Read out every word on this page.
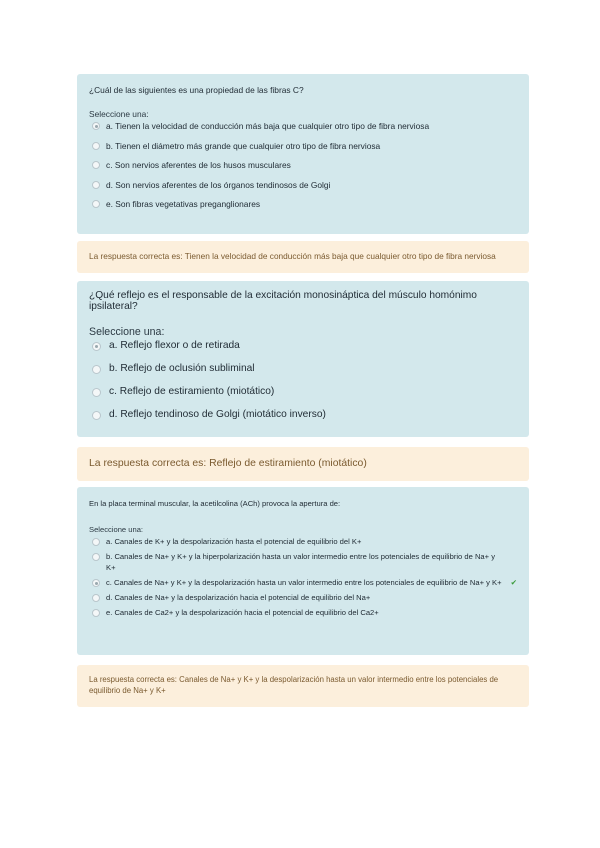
¿Cuál de las siguientes es una propiedad de las fibras C?

Seleccione una:

a. Tienen la velocidad de conducción más baja que cualquier otro tipo de fibra nerviosa
b. Tienen el diámetro más grande que cualquier otro tipo de fibra nerviosa
c. Son nervios aferentes de los husos musculares
d. Son nervios aferentes de los órganos tendinosos de Golgi
e. Son fibras vegetativas preganglionares
La respuesta correcta es: Tienen la velocidad de conducción más baja que cualquier otro tipo de fibra nerviosa

¿Qué reflejo es el responsable de la excitación monosináptica del músculo homónimo ipsilateral?

Seleccione una:

a. Reflejo flexor o de retirada
b. Reflejo de oclusión subliminal
c. Reflejo de estiramiento (miotático)
d. Reflejo tendinoso de Golgi (miotático inverso)
La respuesta correcta es: Reflejo de estiramiento (miotático)

En la placa terminal muscular, la acetilcolina (ACh) provoca la apertura de:

Seleccione una:

a. Canales de K+ y la despolarización hasta el potencial de equilibrio del K+
b. Canales de Na+ y K+ y la hiperpolarización hasta un valor intermedio entre los potenciales de equilibrio de Na+ y K+
c. Canales de Na+ y K+ y la despolarización hasta un valor intermedio entre los potenciales de equilibrio de Na+ y K+ ✔
d. Canales de Na+ y la despolarización hacia el potencial de equilibrio del Na+
e. Canales de Ca2+ y la despolarización hacia el potencial de equilibrio del Ca2+
La respuesta correcta es: Canales de Na+ y K+ y la despolarización hasta un valor intermedio entre los potenciales de equilibrio de Na+ y K+
